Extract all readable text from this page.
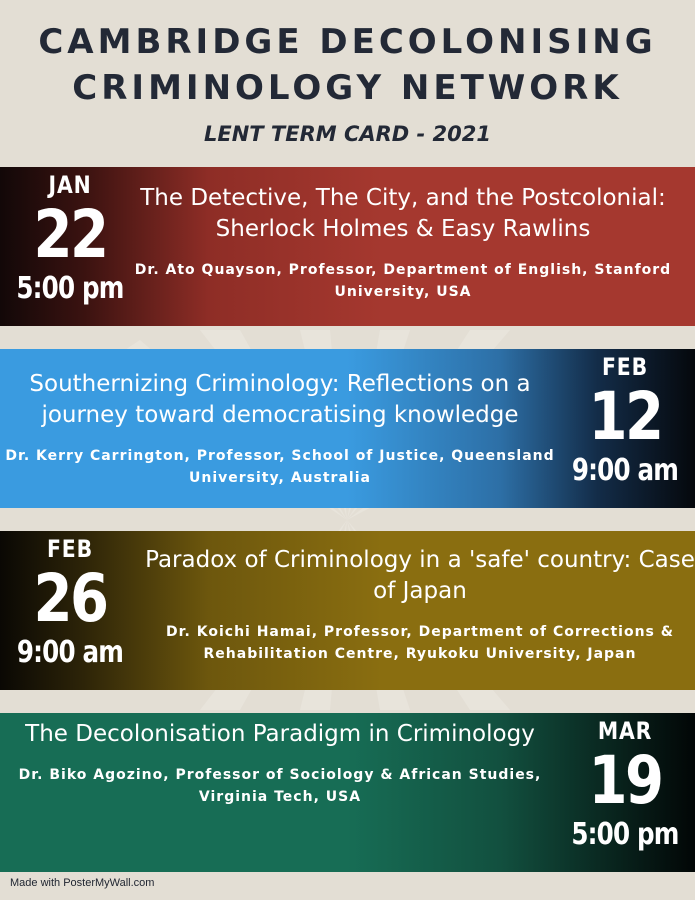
CAMBRIDGE DECOLONISING
CRIMINOLOGY NETWORK
LENT TERM CARD - 2021
JAN
22
5:00 pm

The Detective, The City, and the Postcolonial: Sherlock Holmes & Easy Rawlins

Dr. Ato Quayson, Professor, Department of English, Stanford University, USA

Southernizing Criminology: Reflections on a journey toward democratising knowledge

Dr. Kerry Carrington, Professor, School of Justice, Queensland University, Australia
FEB
12
9:00 am
FEB
26
9:00 am

Paradox of Criminology in a 'safe' country: Case of Japan

Dr. Koichi Hamai, Professor, Department of Corrections & Rehabilitation Centre, Ryukoku University, Japan

The Decolonisation Paradigm in Criminology

Dr. Biko Agozino, Professor of Sociology & African Studies, Virginia Tech, USA
MAR
19
5:00 pm
Made with PosterMyWall.com
